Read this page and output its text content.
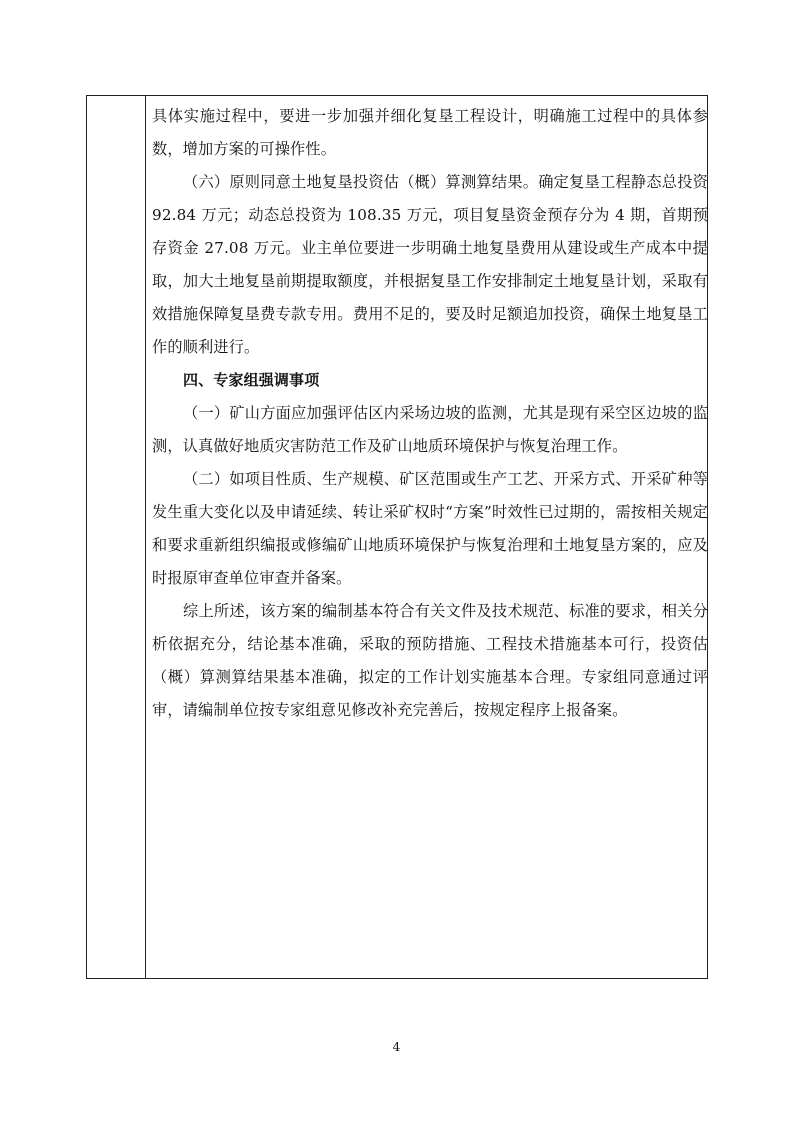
具体实施过程中，要进一步加强并细化复垦工程设计，明确施工过程中的具体参数，增加方案的可操作性。

（六）原则同意土地复垦投资估（概）算测算结果。确定复垦工程静态总投资 92.84 万元；动态总投资为 108.35 万元，项目复垦资金预存分为 4 期，首期预存资金 27.08 万元。业主单位要进一步明确土地复垦费用从建设或生产成本中提取，加大土地复垦前期提取额度，并根据复垦工作安排制定土地复垦计划，采取有效措施保障复垦费专款专用。费用不足的，要及时足额追加投资，确保土地复垦工作的顺利进行。

四、专家组强调事项

（一）矿山方面应加强评估区内采场边坡的监测，尤其是现有采空区边坡的监测，认真做好地质灾害防范工作及矿山地质环境保护与恢复治理工作。

（二）如项目性质、生产规模、矿区范围或生产工艺、开采方式、开采矿种等发生重大变化以及申请延续、转让采矿权时“方案”时效性已过期的，需按相关规定和要求重新组织编报或修编矿山地质环境保护与恢复治理和土地复垦方案的，应及时报原审查单位审查并备案。

综上所述，该方案的编制基本符合有关文件及技术规范、标准的要求，相关分析依据充分，结论基本准确，采取的预防措施、工程技术措施基本可行，投资估（概）算测算结果基本准确，拟定的工作计划实施基本合理。专家组同意通过评审，请编制单位按专家组意见修改补充完善后，按规定程序上报备案。

4
